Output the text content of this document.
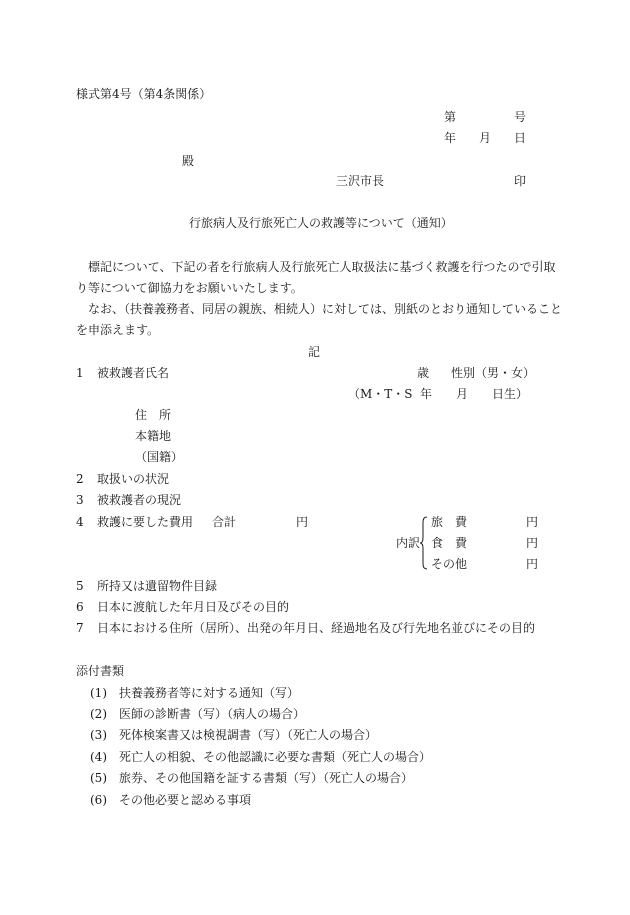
様式第4号（第4条関係）
第	号
年 月 日
殿
三沢市長	印
行旅病人及行旅死亡人の救護等について（通知）
標記について、下記の者を行旅病人及行旅死亡人取扱法に基づく救護を行つたので引取
り等について御協力をお願いいたします。
なお、（扶養義務者、同居の親族、相続人）に対しては、別紙のとおり通知していること
を申添えます。
記
1 被救護者氏名	歳 性別（男・女）
（M・T・S 年 月 日生）
住　所
本籍地
（国籍）
2 取扱いの状況
3 被救護者の現況
4 救護に要した費用 合計	円
内訳
旅　費	円
食　費	円
その他	円
5 所持又は遺留物件目録
6 日本に渡航した年月日及びその目的
7 日本における住所（居所）、出発の年月日、経過地名及び行先地名並びにその目的
添付書類
(1) 扶養義務者等に対する通知（写）
(2) 医師の診断書（写）（病人の場合）
(3) 死体検案書又は検視調書（写）（死亡人の場合）
(4) 死亡人の相貌、その他認識に必要な書類（死亡人の場合）
(5) 旅券、その他国籍を証する書類（写）（死亡人の場合）
(6) その他必要と認める事項
